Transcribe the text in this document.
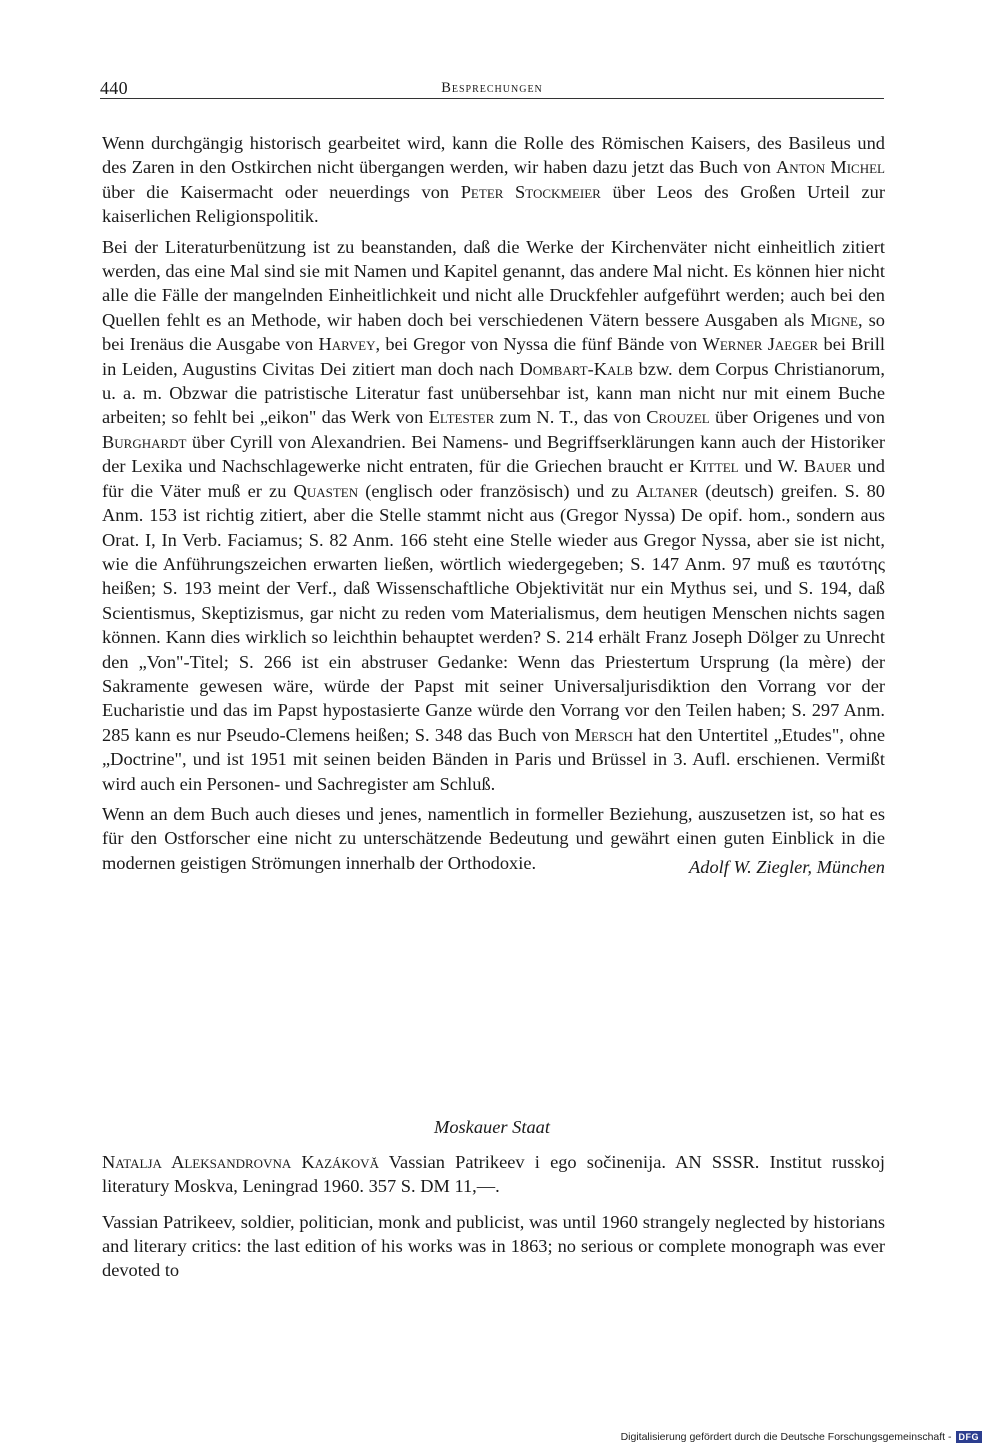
440	Besprechungen

Wenn durchgängig historisch gearbeitet wird, kann die Rolle des Römischen Kaisers, des Basileus und des Zaren in den Ostkirchen nicht übergangen werden, wir haben dazu jetzt das Buch von Anton Michel über die Kaisermacht oder neuerdings von Peter Stockmeier über Leos des Großen Urteil zur kaiserlichen Religionspolitik.

Bei der Literaturbenützung ist zu beanstanden, daß die Werke der Kirchenväter nicht einheitlich zitiert werden, das eine Mal sind sie mit Namen und Kapitel genannt, das andere Mal nicht. Es können hier nicht alle die Fälle der mangelnden Einheitlichkeit und nicht alle Druckfehler aufgeführt werden; auch bei den Quellen fehlt es an Methode, wir haben doch bei verschiedenen Vätern bessere Ausgaben als Migne, so bei Irenäus die Ausgabe von Harvey, bei Gregor von Nyssa die fünf Bände von Werner Jaeger bei Brill in Leiden, Augustins Civitas Dei zitiert man doch nach Dombart-Kalb bzw. dem Corpus Christianorum, u. a. m. Obzwar die patristische Literatur fast unübersehbar ist, kann man nicht nur mit einem Buche arbeiten; so fehlt bei „eikon" das Werk von Eltester zum N. T., das von Crouzel über Origenes und von Burghardt über Cyrill von Alexandrien. Bei Namens- und Begriffserklärungen kann auch der Historiker der Lexika und Nachschlagewerke nicht entraten, für die Griechen braucht er Kittel und W. Bauer und für die Väter muß er zu Quasten (englisch oder französisch) und zu Altaner (deutsch) greifen. S. 80 Anm. 153 ist richtig zitiert, aber die Stelle stammt nicht aus (Gregor Nyssa) De opif. hom., sondern aus Orat. I, In Verb. Faciamus; S. 82 Anm. 166 steht eine Stelle wieder aus Gregor Nyssa, aber sie ist nicht, wie die Anführungszeichen erwarten ließen, wörtlich wiedergegeben; S. 147 Anm. 97 muß es ταυτότης heißen; S. 193 meint der Verf., daß Wissenschaftliche Objektivität nur ein Mythus sei, und S. 194, daß Scientismus, Skeptizismus, gar nicht zu reden vom Materialismus, dem heutigen Menschen nichts sagen können. Kann dies wirklich so leichthin behauptet werden? S. 214 erhält Franz Joseph Dölger zu Unrecht den „Von"-Titel; S. 266 ist ein abstruser Gedanke: Wenn das Priestertum Ursprung (la mère) der Sakramente gewesen wäre, würde der Papst mit seiner Universaljurisdiktion den Vorrang vor der Eucharistie und das im Papst hypostasierte Ganze würde den Vorrang vor den Teilen haben; S. 297 Anm. 285 kann es nur Pseudo-Clemens heißen; S. 348 das Buch von Mersch hat den Untertitel „Etudes", ohne „Doctrine", und ist 1951 mit seinen beiden Bänden in Paris und Brüssel in 3. Aufl. erschienen. Vermißt wird auch ein Personen- und Sachregister am Schluß.

Wenn an dem Buch auch dieses und jenes, namentlich in formeller Beziehung, auszusetzen ist, so hat es für den Ostforscher eine nicht zu unterschätzende Bedeutung und gewährt einen guten Einblick in die modernen geistigen Strömungen innerhalb der Orthodoxie.	Adolf W. Ziegler, München

Moskauer Staat
Natalja Aleksandrovna Kazákovă Vassian Patrikeev i ego sočinenija. AN SSSR. Institut russkoj literatury Moskva, Leningrad 1960. 357 S. DM 11,—.
Vassian Patrikeev, soldier, politician, monk and publicist, was until 1960 strangely neglected by historians and literary critics: the last edition of his works was in 1863; no serious or complete monograph was ever devoted to
Digitalisierung gefördert durch die Deutsche Forschungsgemeinschaft - DFG
